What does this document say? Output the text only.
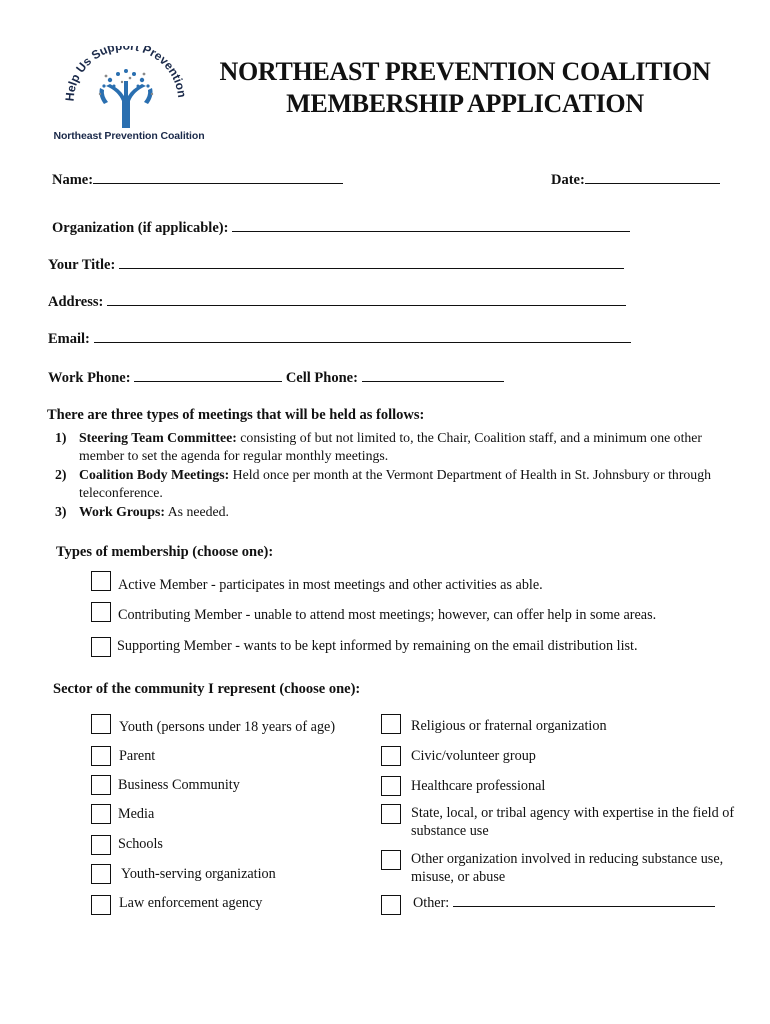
Help Us Supp rt Prevention
Northeast Prevention Coalition
NORTHEAST PREVENTION COALITION
MEMBERSHIP APPLICATION
Name:	Date:
Organization (if applicable):
Your Title:
Address:
Email:
Work Phone:	Cell Phone:
There are three types of meetings that will be held as follows:
1) Steering Team Committee: consisting of but not limited to, the Chair, Coalition staff, and a minimum one other member to set the agenda for regular monthly meetings.
2) Coalition Body Meetings: Held once per month at the Vermont Department of Health in St. Johnsbury or through teleconference.
3) Work Groups: As needed.
Types of membership (choose one):
Active Member - participates in most meetings and other activities as able.
Contributing Member - unable to attend most meetings; however, can offer help in some areas.
Supporting Member - wants to be kept informed by remaining on the email distribution list.
Sector of the community I represent (choose one):
Youth (persons under 18 years of age)
Parent
Business Community
Media
Schools
Youth-serving organization
Law enforcement agency
Religious or fraternal organization
Civic/volunteer group
Healthcare professional
State, local, or tribal agency with expertise in the field of substance use
Other organization involved in reducing substance use, misuse, or abuse
Other:
